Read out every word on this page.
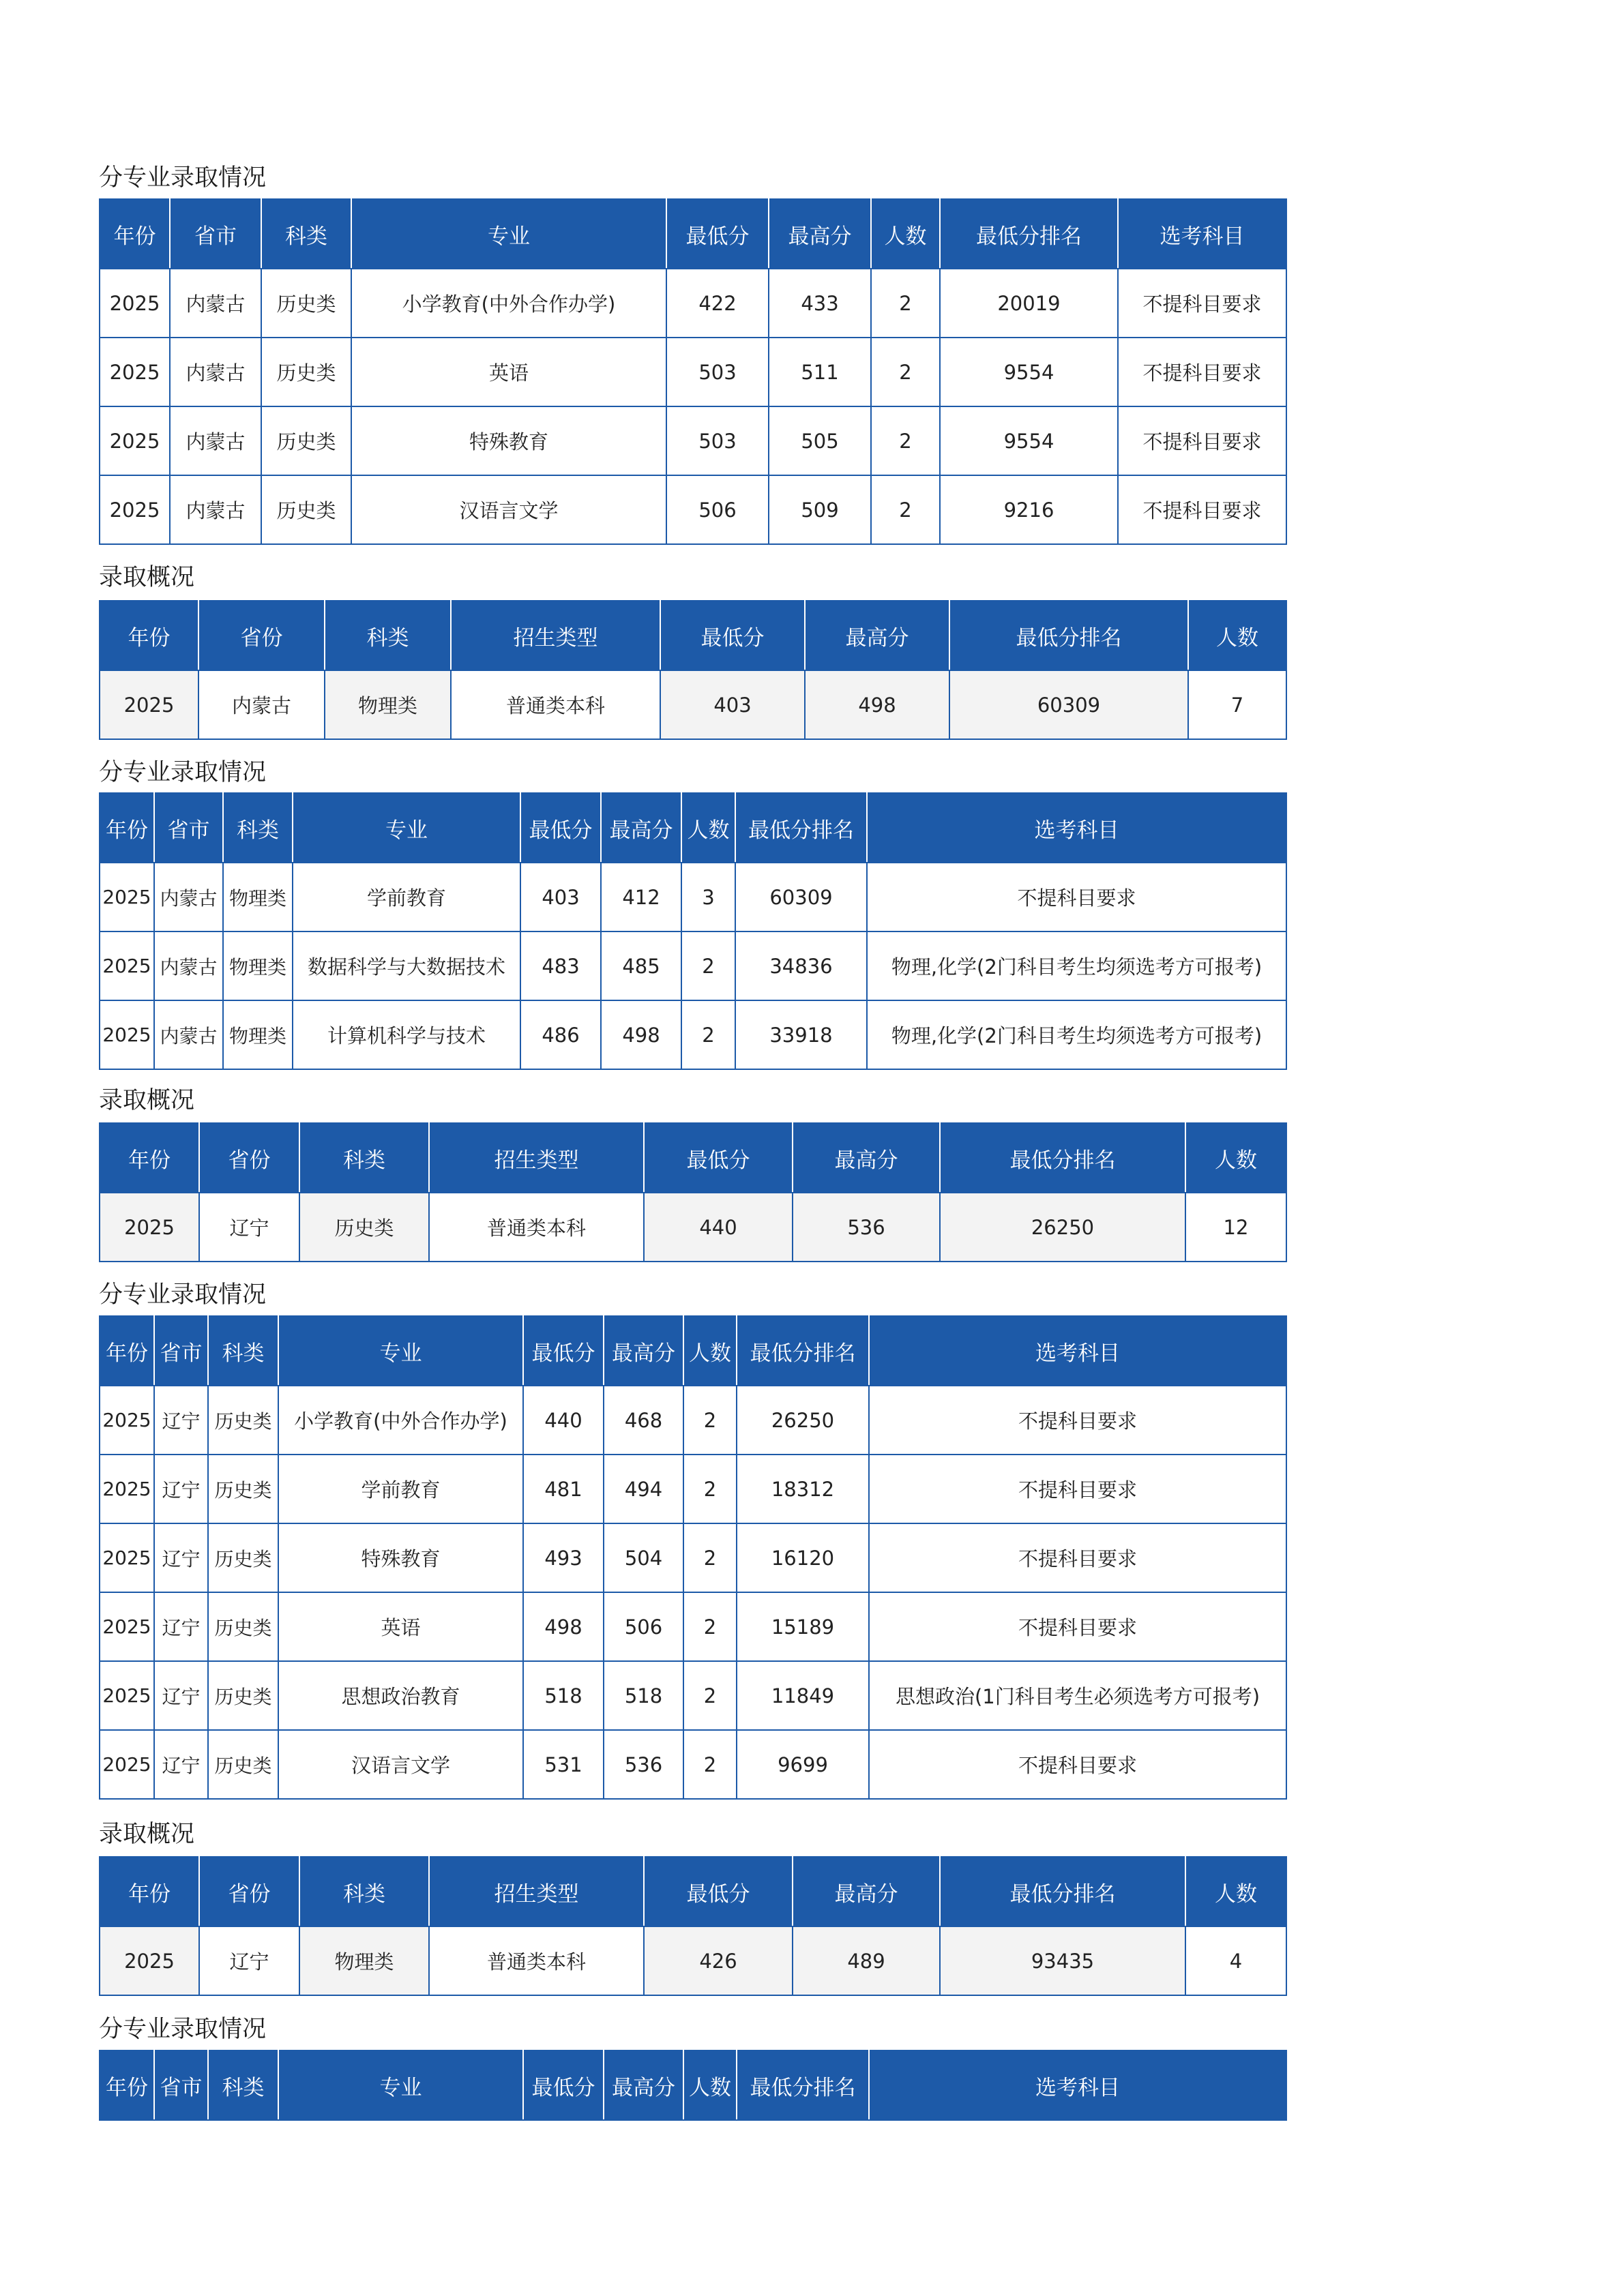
分专业录取情况
年份	省市	科类	专业	最低分	最高分	人数	最低分排名	选考科目
2025	内蒙古	历史类	小学教育(中外合作办学)	422	433	2	20019	不提科目要求
2025	内蒙古	历史类	英语	503	511	2	9554	不提科目要求
2025	内蒙古	历史类	特殊教育	503	505	2	9554	不提科目要求
2025	内蒙古	历史类	汉语言文学	506	509	2	9216	不提科目要求
录取概况
年份	省份	科类	招生类型	最低分	最高分	最低分排名	人数
2025	内蒙古	物理类	普通类本科	403	498	60309	7
分专业录取情况
年份	省市	科类	专业	最低分	最高分	人数	最低分排名	选考科目
2025	内蒙古	物理类	学前教育	403	412	3	60309	不提科目要求
2025	内蒙古	物理类	数据科学与大数据技术	483	485	2	34836	物理,化学(2门科目考生均须选考方可报考)
2025	内蒙古	物理类	计算机科学与技术	486	498	2	33918	物理,化学(2门科目考生均须选考方可报考)
录取概况
年份	省份	科类	招生类型	最低分	最高分	最低分排名	人数
2025	辽宁	历史类	普通类本科	440	536	26250	12
分专业录取情况
年份	省市	科类	专业	最低分	最高分	人数	最低分排名	选考科目
2025	辽宁	历史类	小学教育(中外合作办学)	440	468	2	26250	不提科目要求
2025	辽宁	历史类	学前教育	481	494	2	18312	不提科目要求
2025	辽宁	历史类	特殊教育	493	504	2	16120	不提科目要求
2025	辽宁	历史类	英语	498	506	2	15189	不提科目要求
2025	辽宁	历史类	思想政治教育	518	518	2	11849	思想政治(1门科目考生必须选考方可报考)
2025	辽宁	历史类	汉语言文学	531	536	2	9699	不提科目要求
录取概况
年份	省份	科类	招生类型	最低分	最高分	最低分排名	人数
2025	辽宁	物理类	普通类本科	426	489	93435	4
分专业录取情况
年份	省市	科类	专业	最低分	最高分	人数	最低分排名	选考科目
